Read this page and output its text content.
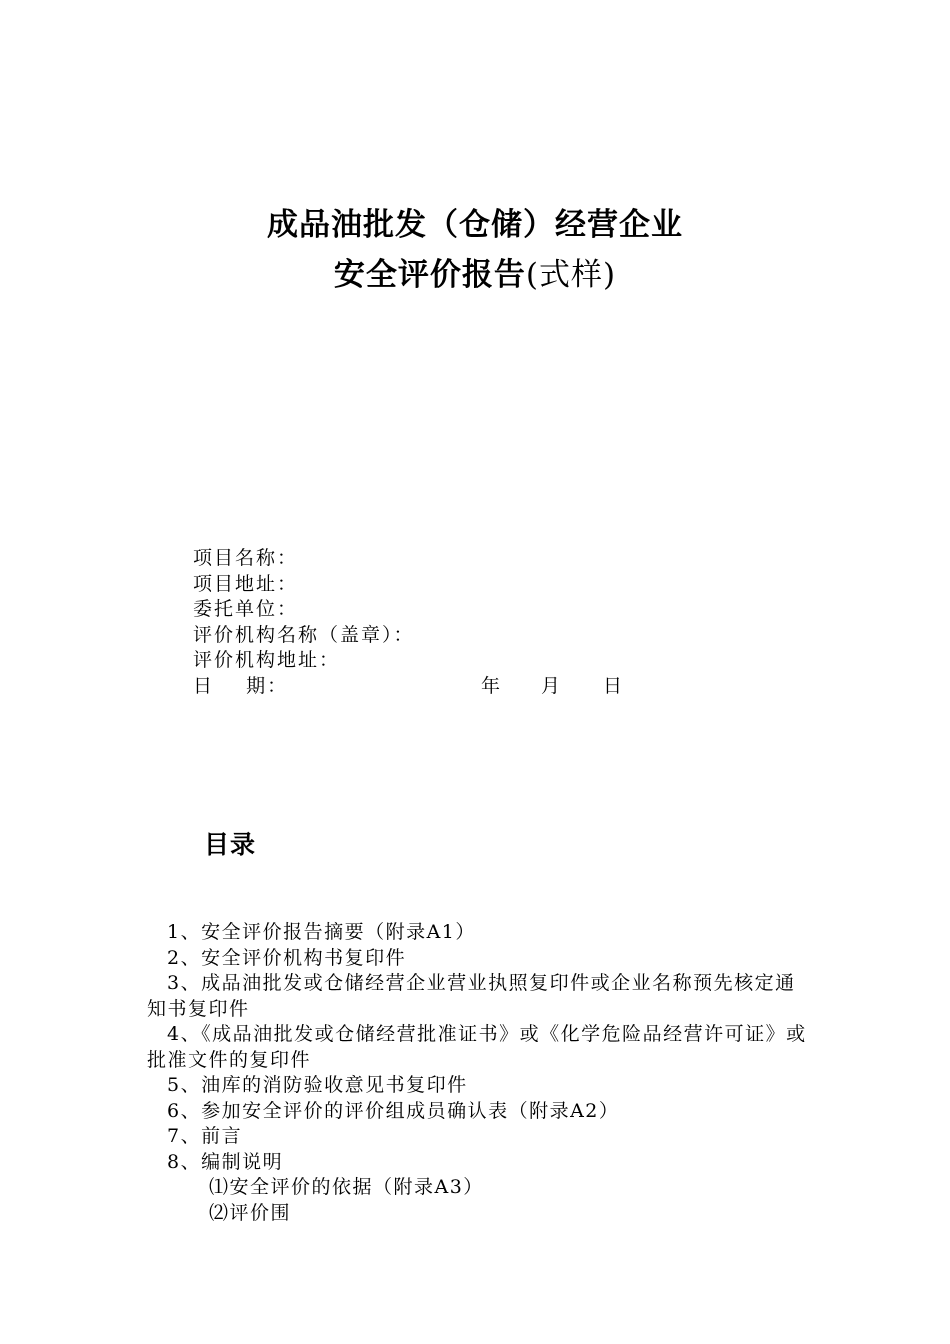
成品油批发（仓储）经营企业
安全评价报告(式样)
项目名称：
项目地址：
委托单位：
评价机构名称（盖章）：
评价机构地址：
日    期：	年 月 日
目录
1、安全评价报告摘要（附录A1）
2、安全评价机构书复印件
3、成品油批发或仓储经营企业营业执照复印件或企业名称预先核定通知书复印件
4、《成品油批发或仓储经营批准证书》或《化学危险品经营许可证》或批准文件的复印件
5、油库的消防验收意见书复印件
6、参加安全评价的评价组成员确认表（附录A2）
7、前言
8、编制说明
⑴安全评价的依据（附录A3）
⑵评价围
